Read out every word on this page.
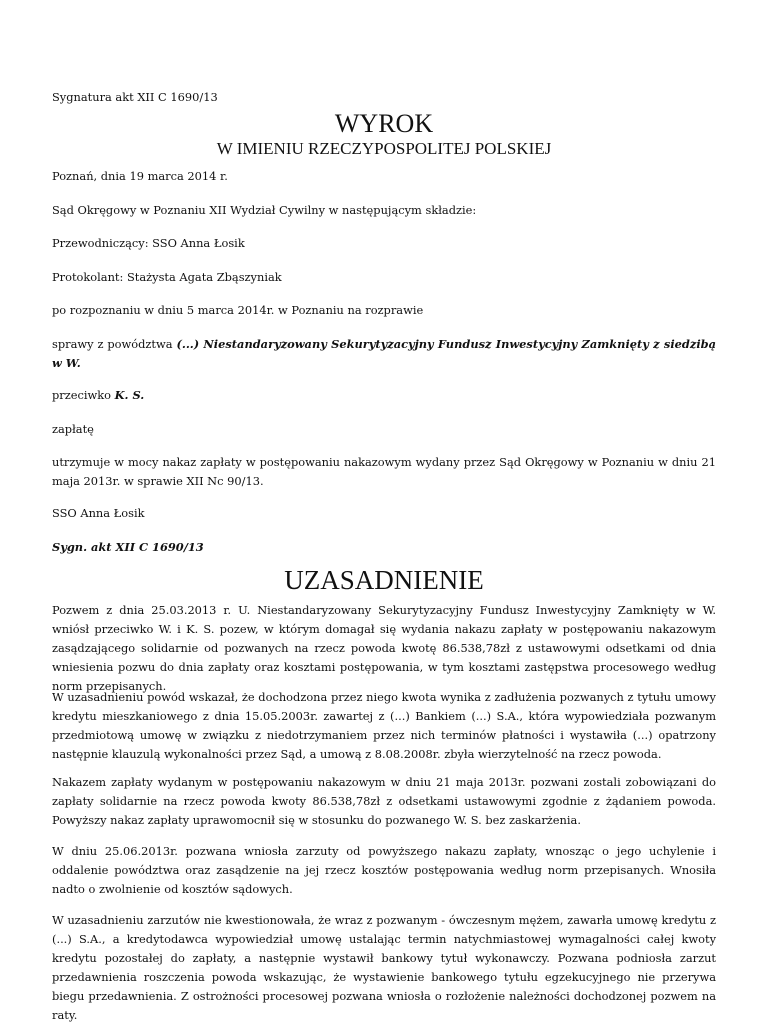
Sygnatura akt XII C 1690/13
WYROK
W IMIENIU RZECZYPOSPOLITEJ POLSKIEJ
Poznań, dnia 19 marca 2014 r.
Sąd Okręgowy w Poznaniu XII Wydział Cywilny w następującym składzie:
Przewodniczący: SSO Anna Łosik
Protokolant: Stażysta Agata Zbąszyniak
po rozpoznaniu w dniu 5 marca 2014r. w Poznaniu na rozprawie
sprawy z powództwa (...) Niestandaryzowany Sekurytyzacyjny Fundusz Inwestycyjny Zamknięty z siedzibą w W.
przeciwko K. S.
zapłatę
utrzymuje w mocy nakaz zapłaty w postępowaniu nakazowym wydany przez Sąd Okręgowy w Poznaniu w dniu 21 maja 2013r. w sprawie XII Nc 90/13.
SSO Anna Łosik
Sygn. akt XII C 1690/13
UZASADNIENIE
Pozwem z dnia 25.03.2013 r. U. Niestandaryzowany Sekurytyzacyjny Fundusz Inwestycyjny Zamknięty w W. wniósł przeciwko W. i K. S. pozew, w którym domagał się wydania nakazu zapłaty w postępowaniu nakazowym zasądzającego solidarnie od pozwanych na rzecz powoda kwotę 86.538,78zł z ustawowymi odsetkami od dnia wniesienia pozwu do dnia zapłaty oraz kosztami postępowania, w tym kosztami zastępstwa procesowego według norm przepisanych.
W uzasadnieniu powód wskazał, że dochodzona przez niego kwota wynika z zadłużenia pozwanych z tytułu umowy kredytu mieszkaniowego z dnia 15.05.2003r. zawartej z (...) Bankiem (...) S.A., która wypowiedziała pozwanym przedmiotową umowę w związku z niedotrzymaniem przez nich terminów płatności i wystawiła (...) opatrzony następnie klauzulą wykonalności przez Sąd, a umową z 8.08.2008r. zbyła wierzytelność na rzecz powoda.
Nakazem zapłaty wydanym w postępowaniu nakazowym w dniu 21 maja 2013r. pozwani zostali zobowiązani do zapłaty solidarnie na rzecz powoda kwoty 86.538,78zł z odsetkami ustawowymi zgodnie z żądaniem powoda. Powyższy nakaz zapłaty uprawomocnił się w stosunku do pozwanego W. S. bez zaskarżenia.
W dniu 25.06.2013r. pozwana wniosła zarzuty od powyższego nakazu zapłaty, wnosząc o jego uchylenie i oddalenie powództwa oraz zasądzenie na jej rzecz kosztów postępowania według norm przepisanych. Wnosiła nadto o zwolnienie od kosztów sądowych.
W uzasadnieniu zarzutów nie kwestionowała, że wraz z pozwanym - ówczesnym mężem, zawarła umowę kredytu z (...) S.A., a kredytodawca wypowiedział umowę ustalając termin natychmiastowej wymagalności całej kwoty kredytu pozostałej do zapłaty, a następnie wystawił bankowy tytuł wykonawczy. Pozwana podniosła zarzut przedawnienia roszczenia powoda wskazując, że wystawienie bankowego tytułu egzekucyjnego nie przerywa biegu przedawnienia. Z ostrożności procesowej pozwana wniosła o rozłożenie należności dochodzonej pozwem na raty.
